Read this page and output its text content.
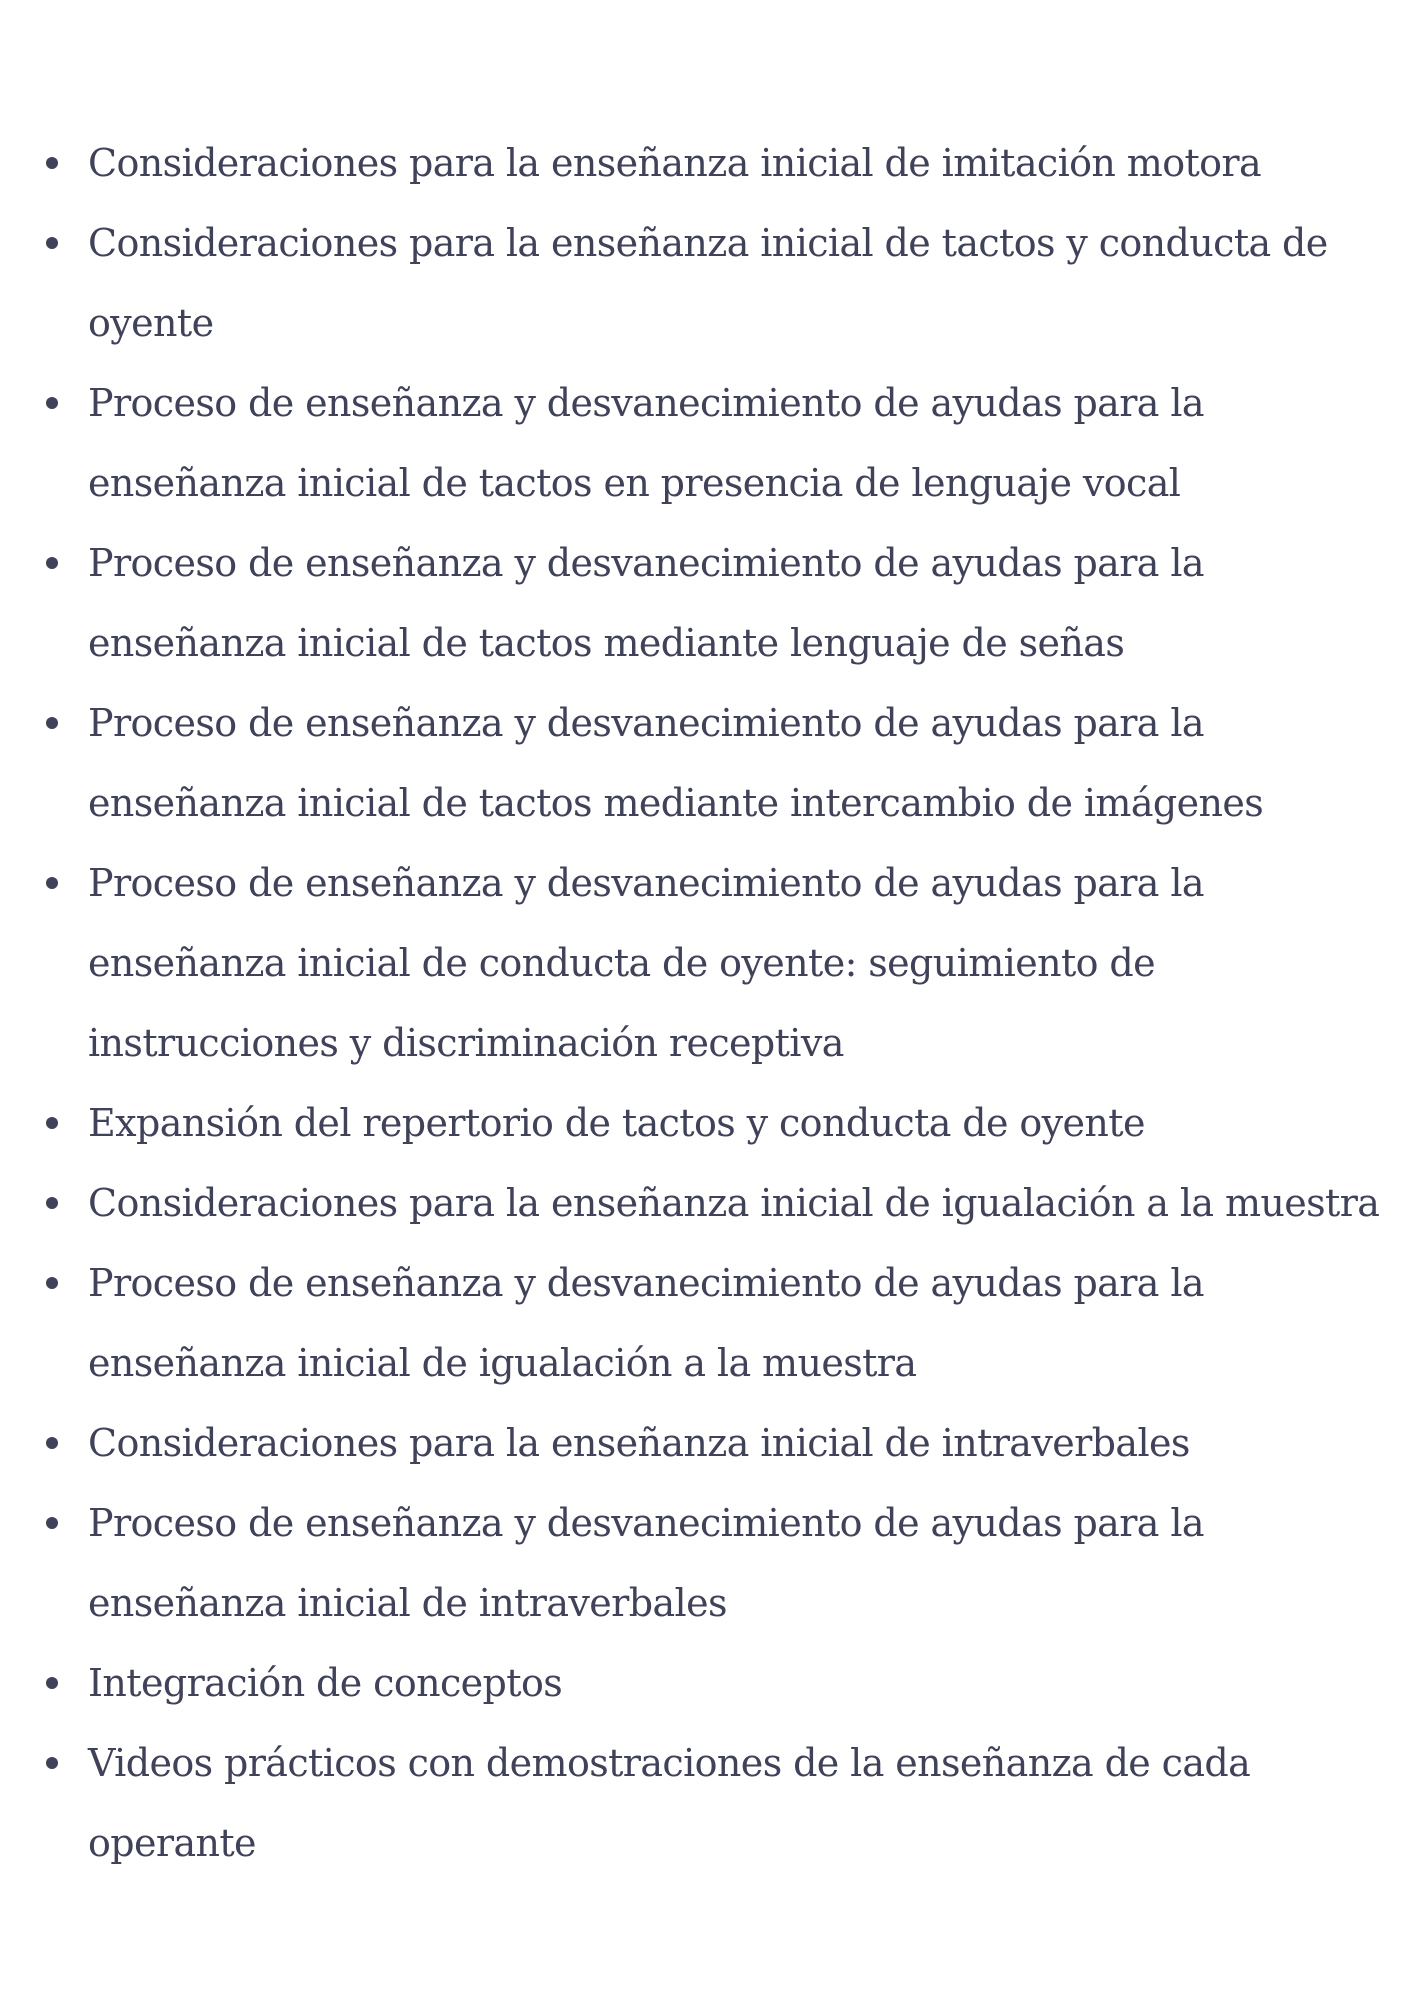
Consideraciones para la enseñanza inicial de imitación motora
Consideraciones para la enseñanza inicial de tactos y conducta de oyente
Proceso de enseñanza y desvanecimiento de ayudas para la enseñanza inicial de tactos en presencia de lenguaje vocal
Proceso de enseñanza y desvanecimiento de ayudas para la enseñanza inicial de tactos mediante lenguaje de señas
Proceso de enseñanza y desvanecimiento de ayudas para la enseñanza inicial de tactos mediante intercambio de imágenes
Proceso de enseñanza y desvanecimiento de ayudas para la enseñanza inicial de conducta de oyente: seguimiento de instrucciones y discriminación receptiva
Expansión del repertorio de tactos y conducta de oyente
Consideraciones para la enseñanza inicial de igualación a la muestra
Proceso de enseñanza y desvanecimiento de ayudas para la enseñanza inicial de igualación a la muestra
Consideraciones para la enseñanza inicial de intraverbales
Proceso de enseñanza y desvanecimiento de ayudas para la enseñanza inicial de intraverbales
Integración de conceptos
Videos prácticos con demostraciones de la enseñanza de cada operante
